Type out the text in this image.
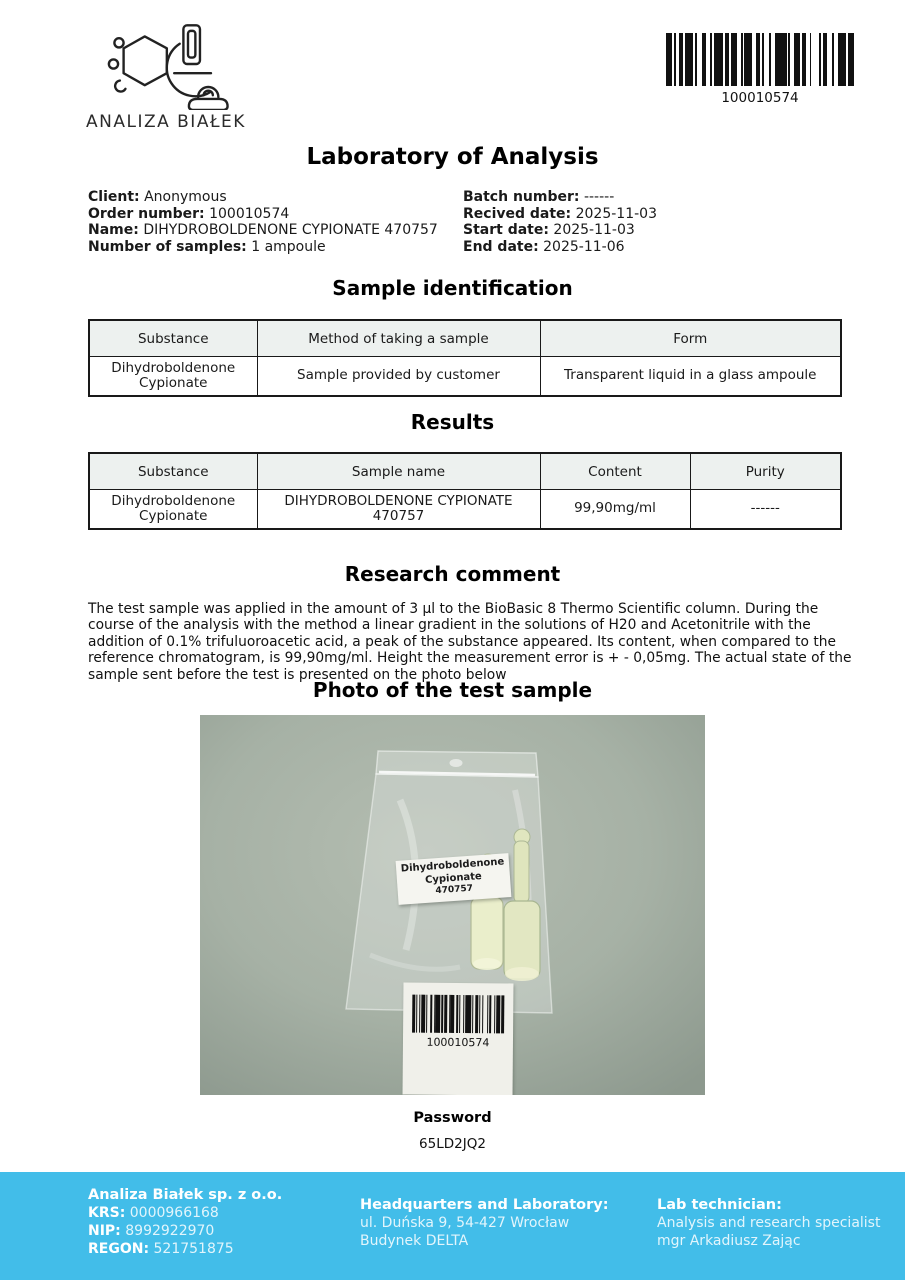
ANALIZA BIAŁEK
100010574
Laboratory of Analysis
Client: Anonymous
Order number: 100010574
Name: DIHYDROBOLDENONE CYPIONATE 470757
Number of samples: 1 ampoule
Batch number: ------
Recived date: 2025-11-03
Start date: 2025-11-03
End date: 2025-11-06
Sample identification
Substance	Method of taking a sample	Form
Dihydroboldenone Cypionate	Sample provided by customer	Transparent liquid in a glass ampoule
Results
Substance	Sample name	Content	Purity
Dihydroboldenone Cypionate	DIHYDROBOLDENONE CYPIONATE 470757	99,90mg/ml	------
Research comment
The test sample was applied in the amount of 3 μl to the BioBasic 8 Thermo Scientific column. During the course of the analysis with the method a linear gradient in the solutions of H20 and Acetonitrile with the addition of 0.1% trifuluoroacetic acid, a peak of the substance appeared. Its content, when compared to the reference chromatogram, is 99,90mg/ml. Height the measurement error is + - 0,05mg. The actual state of the sample sent before the test is presented on the photo below
Photo of the test sample
Dihydroboldenone
Cypionate
470757
100010574
Password
65LD2JQ2
Analiza Białek sp. z o.o.
KRS: 0000966168
NIP: 8992922970
REGON: 521751875
Headquarters and Laboratory:
ul. Duńska 9, 54-427 Wrocław
Budynek DELTA
Lab technician:
Analysis and research specialist
mgr Arkadiusz Zając
